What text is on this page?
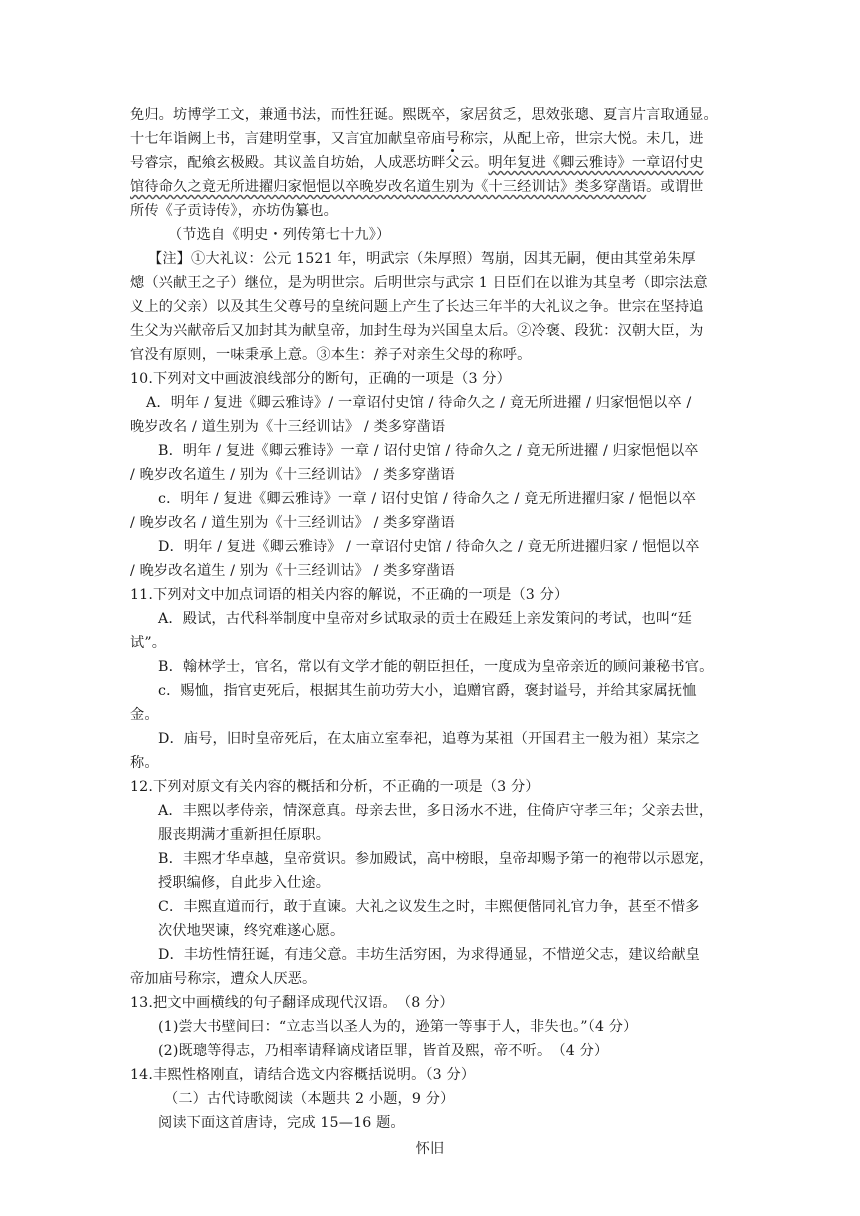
免归。坊博学工文，兼通书法，而性狂诞。熙既卒，家居贫乏，思效张璁、夏言片言取通显。
十七年诣阙上书，言建明堂事，又言宜加献皇帝庙号
称宗，从配上帝，世宗大悦。未几，进
号睿宗，配飨玄极殿。其议盖自坊始，人成恶坊畔父云。明年复进《卿云雅诗》一章诏付史
馆待命久之竟无所进擢归家悒悒以卒晚岁改名道生别为《十三经训诂》类多穿凿语。或谓世
所传《子贡诗传》，亦坊伪纂也。
（节选自《明史・列传第七十九》）
【注】①大礼议：公元 1521 年，明武宗（朱厚照）驾崩，因其无嗣，便由其堂弟朱厚
熜（兴献王之子）继位，是为明世宗。后明世宗与武宗 1 日臣们在以谁为其皇考（即宗法意
义上的父亲）以及其生父尊号的皇统问题上产生了长达三年半的大礼议之争。世宗在坚持追
生父为兴献帝后又加封其为献皇帝，加封生母为兴国皇太后。②冷褒、段犹：汉朝大臣，为
官没有原则，一味秉承上意。③本生：养子对亲生父母的称呼。
10.下列对文中画波浪线部分的断句，正确的一项是（3 分）
A．明年 / 复进《卿云雅诗》/ 一章诏付史馆 / 待命久之 / 竟无所进擢 / 归家悒悒以卒 /
晚岁改名 / 道生别为《十三经训诂》 / 类多穿凿语
B．明年 / 复进《卿云雅诗》一章 / 诏付史馆 / 待命久之 / 竟无所进擢 / 归家悒悒以卒
/ 晚岁改名道生 / 别为《十三经训诂》 / 类多穿凿语
c．明年 / 复进《卿云雅诗》一章 / 诏付史馆 / 待命久之 / 竟无所进擢归家 / 悒悒以卒
/ 晚岁改名 / 道生别为《十三经训诂》 / 类多穿凿语
D．明年 / 复进《卿云雅诗》 / 一章诏付史馆 / 待命久之 / 竟无所进擢归家 / 悒悒以卒
/ 晚岁改名道生 / 别为《十三经训诂》 / 类多穿凿语
11.下列对文中加点词语的相关内容的解说，不正确的一项是（3 分）
A．殿试，古代科举制度中皇帝对乡试取录的贡士在殿廷上亲发策问的考试，也叫“廷
试”。
B．翰林学士，官名，常以有文学才能的朝臣担任，一度成为皇帝亲近的顾问兼秘书官。
c．赐恤，指官吏死后，根据其生前功劳大小，追赠官爵，褒封谥号，并给其家属抚恤
金。
D．庙号，旧时皇帝死后，在太庙立室奉祀，追尊为某祖（开国君主一般为祖）某宗之
称。
12.下列对原文有关内容的概括和分析，不正确的一项是（3 分）
A．丰熙以孝侍亲，情深意真。母亲去世，多日汤水不进，住倚庐守孝三年；父亲去世，
服丧期满才重新担任原职。
B．丰熙才华卓越，皇帝赏识。参加殿试，高中榜眼，皇帝却赐予第一的袍带以示恩宠，
授职编修，自此步入仕途。
C．丰熙直道而行，敢于直谏。大礼之议发生之时，丰熙便偕同礼官力争，甚至不惜多
次伏地哭谏，终究难遂心愿。
D．丰坊性情狂诞，有违父意。丰坊生活穷困，为求得通显，不惜逆父志，建议给献皇
帝加庙号称宗，遭众人厌恶。
13.把文中画横线的句子翻译成现代汉语。　（8 分）
(1)尝大书壁间曰：“立志当以圣人为的，逊第一等事于人，非失也。”（4 分）
(2)既璁等得志，乃相率请释谪戍诸臣罪，皆首及熙，帝不听。　（4 分）
14.丰熙性格刚直，请结合选文内容概括说明。（3 分）
（二）古代诗歌阅读（本题共 2 小题，9 分）
阅读下面这首唐诗，完成 15—16 题。
怀旧
